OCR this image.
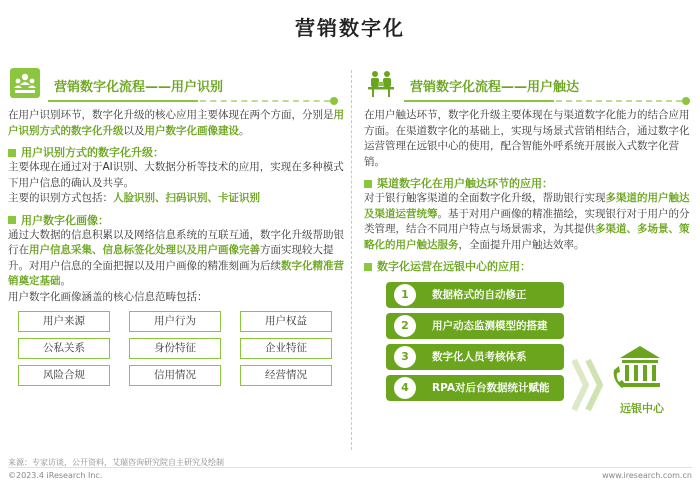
营销数字化
营销数字化流程——用户识别

在用户识别环节，数字化升级的核心应用主要体现在两个方面，分别是用户识别方式的数字化升级以及用户数字化画像建设。

用户识别方式的数字化升级：

主要体现在通过对于AI识别、大数据分析等技术的应用，实现在多种模式下用户信息的确认及共享。

主要的识别方式包括：人脸识别、扫码识别、卡证识别

用户数字化画像：

通过大数据的信息积累以及网络信息系统的互联互通，数字化升级帮助银行在用户信息采集、信息标签化处理以及用户画像完善方面实现较大提升。对用户信息的全面把握以及用户画像的精准刻画为后续数字化精准营销奠定基础。

用户数字化画像涵盖的核心信息范畴包括：

用户来源	用户行为	用户权益
公私关系	身份特征	企业特征
风险合规	信用情况	经营情况
营销数字化流程——用户触达

在用户触达环节，数字化升级主要体现在与渠道数字化能力的结合应用方面。在渠道数字化的基础上，实现与场景式营销相结合，通过数字化运营管理在远银中心的使用，配合智能外呼系统开展嵌入式数字化营销。

渠道数字化在用户触达环节的应用：

对于银行触客渠道的全面数字化升级，帮助银行实现多渠道的用户触达及渠道运营统筹。基于对用户画像的精准描绘，实现银行对于用户的分类管理，结合不同用户特点与场景需求，为其提供多渠道、多场景、策略化的用户触达服务，全面提升用户触达效率。

数字化运营在远银中心的应用：
1	数据格式的自动修正
2	用户动态监测模型的搭建
3	数字化人员考核体系
4	RPA对后台数据统计赋能
远银中心
来源：专家访谈，公开资料，艾瑞咨询研究院自主研究及绘制
©2023.4 iResearch Inc.	www.iresearch.com.cn
